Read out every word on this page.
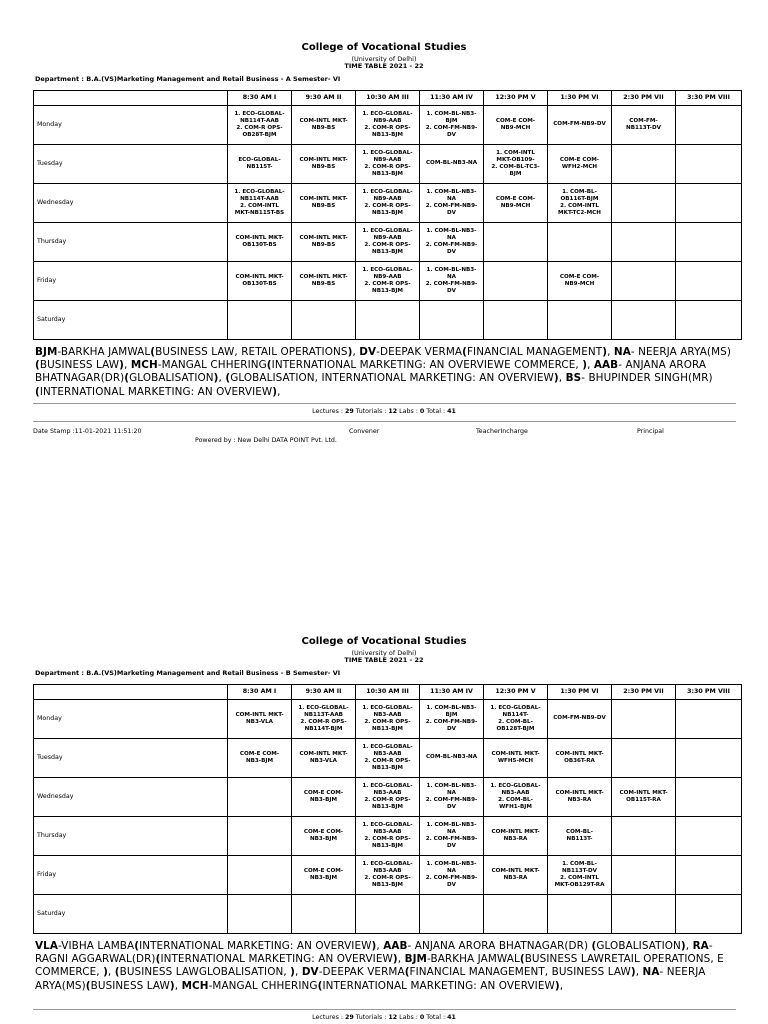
College of Vocational Studies
(University of Delhi)
TIME TABLE 2021 - 22
Department : B.A.(VS)Marketing Management and Retail Business - A Semester- VI
	8:30 AM I	9:30 AM II	10:30 AM III	11:30 AM IV	12:30 PM V	1:30 PM VI	2:30 PM VII	3:30 PM VIII
Monday	1. ECO-GLOBAL-
NB114T-AAB
2. COM-R OPS-
OB28T-BJM	COM-INTL MKT-
NB9-BS	1. ECO-GLOBAL-
NB9-AAB
2. COM-R OPS-
NB13-BJM	1. COM-BL-NB3-
BJM
2. COM-FM-NB9-
DV	COM-E COM-
NB9-MCH	COM-FM-NB9-DV	COM-FM-
NB113T-DV	
Tuesday	ECO-GLOBAL-
NB115T-	COM-INTL MKT-
NB9-BS	1. ECO-GLOBAL-
NB9-AAB
2. COM-R OPS-
NB13-BJM	COM-BL-NB3-NA	1. COM-INTL
MKT-OB109-
2. COM-BL-TC3-
BJM	COM-E COM-
WFH2-MCH		
Wednesday	1. ECO-GLOBAL-
NB114T-AAB
2. COM-INTL
MKT-NB115T-BS	COM-INTL MKT-
NB9-BS	1. ECO-GLOBAL-
NB9-AAB
2. COM-R OPS-
NB13-BJM	1. COM-BL-NB3-
NA
2. COM-FM-NB9-
DV	COM-E COM-
NB9-MCH	1. COM-BL-
OB116T-BJM
2. COM-INTL
MKT-TC2-MCH		
Thursday	COM-INTL MKT-
OB130T-BS	COM-INTL MKT-
NB9-BS	1. ECO-GLOBAL-
NB9-AAB
2. COM-R OPS-
NB13-BJM	1. COM-BL-NB3-
NA
2. COM-FM-NB9-
DV				
Friday	COM-INTL MKT-
OB130T-BS	COM-INTL MKT-
NB9-BS	1. ECO-GLOBAL-
NB9-AAB
2. COM-R OPS-
NB13-BJM	1. COM-BL-NB3-
NA
2. COM-FM-NB9-
DV		COM-E COM-
NB9-MCH		
Saturday								
BJM-BARKHA JAMWAL(BUSINESS LAW, RETAIL OPERATIONS), DV-DEEPAK VERMA(FINANCIAL MANAGEMENT), NA- NEERJA ARYA(MS)(BUSINESS LAW), MCH-MANGAL CHHERING(INTERNATIONAL MARKETING: AN OVERVIEWE COMMERCE, ), AAB- ANJANA ARORA BHATNAGAR(DR)(GLOBALISATION), (GLOBALISATION, INTERNATIONAL MARKETING: AN OVERVIEW), BS- BHUPINDER SINGH(MR)(INTERNATIONAL MARKETING: AN OVERVIEW),
Lectures : 29 Tutorials : 12 Labs : 0 Total : 41
Date Stamp :11-01-2021 11:51:20	Convener	TeacherIncharge	Principal
Powered by : New Delhi DATA POINT Pvt. Ltd.
College of Vocational Studies
(University of Delhi)
TIME TABLE 2021 - 22
Department : B.A.(VS)Marketing Management and Retail Business - B Semester- VI
	8:30 AM I	9:30 AM II	10:30 AM III	11:30 AM IV	12:30 PM V	1:30 PM VI	2:30 PM VII	3:30 PM VIII
Monday	COM-INTL MKT-
NB3-VLA	1. ECO-GLOBAL-
NB113T-AAB
2. COM-R OPS-
NB114T-BJM	1. ECO-GLOBAL-
NB3-AAB
2. COM-R OPS-
NB13-BJM	1. COM-BL-NB3-
BJM
2. COM-FM-NB9-
DV	1. ECO-GLOBAL-
NB114T-
2. COM-BL-
OB128T-BJM	COM-FM-NB9-DV		
Tuesday	COM-E COM-
NB3-BJM	COM-INTL MKT-
NB3-VLA	1. ECO-GLOBAL-
NB3-AAB
2. COM-R OPS-
NB13-BJM	COM-BL-NB3-NA	COM-INTL MKT-
WFH5-MCH	COM-INTL MKT-
OB36T-RA		
Wednesday		COM-E COM-
NB3-BJM	1. ECO-GLOBAL-
NB3-AAB
2. COM-R OPS-
NB13-BJM	1. COM-BL-NB3-
NA
2. COM-FM-NB9-
DV	1. ECO-GLOBAL-
NB3-AAB
2. COM-BL-
WFH1-BJM	COM-INTL MKT-
NB3-RA	COM-INTL MKT-
OB115T-RA	
Thursday		COM-E COM-
NB3-BJM	1. ECO-GLOBAL-
NB3-AAB
2. COM-R OPS-
NB13-BJM	1. COM-BL-NB3-
NA
2. COM-FM-NB9-
DV	COM-INTL MKT-
NB3-RA	COM-BL-
NB113T-		
Friday		COM-E COM-
NB3-BJM	1. ECO-GLOBAL-
NB3-AAB
2. COM-R OPS-
NB13-BJM	1. COM-BL-NB3-
NA
2. COM-FM-NB9-
DV	COM-INTL MKT-
NB3-RA	1. COM-BL-
NB113T-DV
2. COM-INTL
MKT-OB129T-RA		
Saturday								
VLA-VIBHA LAMBA(INTERNATIONAL MARKETING: AN OVERVIEW), AAB- ANJANA ARORA BHATNAGAR(DR) (GLOBALISATION), RA- RAGNI AGGARWAL(DR)(INTERNATIONAL MARKETING: AN OVERVIEW), BJM-BARKHA JAMWAL(BUSINESS LAWRETAIL OPERATIONS, E COMMERCE, ), (BUSINESS LAWGLOBALISATION, ), DV-DEEPAK VERMA(FINANCIAL MANAGEMENT, BUSINESS LAW), NA- NEERJA ARYA(MS)(BUSINESS LAW), MCH-MANGAL CHHERING(INTERNATIONAL MARKETING: AN OVERVIEW),
Lectures : 29 Tutorials : 12 Labs : 0 Total : 41
